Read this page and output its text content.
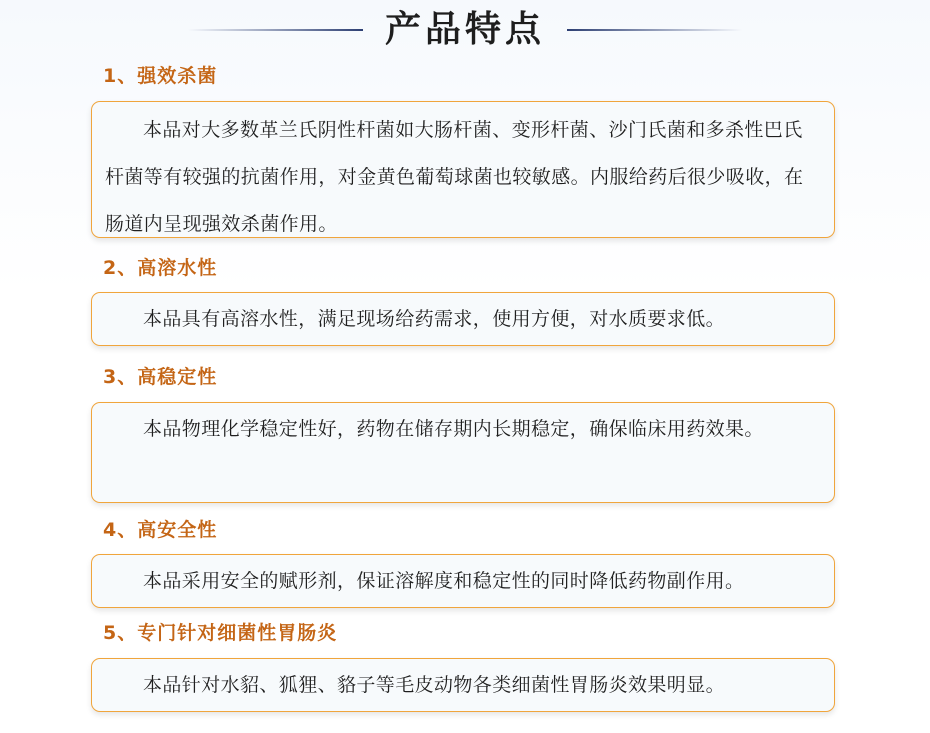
产品特点
1、强效杀菌

本品对大多数革兰氏阴性杆菌如大肠杆菌、变形杆菌、沙门氏菌和多杀性巴氏杆菌等有较强的抗菌作用，对金黄色葡萄球菌也较敏感。内服给药后很少吸收，在肠道内呈现强效杀菌作用。

2、高溶水性

本品具有高溶水性，满足现场给药需求，使用方便，对水质要求低。

3、高稳定性

本品物理化学稳定性好，药物在储存期内长期稳定，确保临床用药效果。

4、高安全性

本品采用安全的赋形剂，保证溶解度和稳定性的同时降低药物副作用。

5、专门针对细菌性胃肠炎

本品针对水貂、狐狸、貉子等毛皮动物各类细菌性胃肠炎效果明显。
